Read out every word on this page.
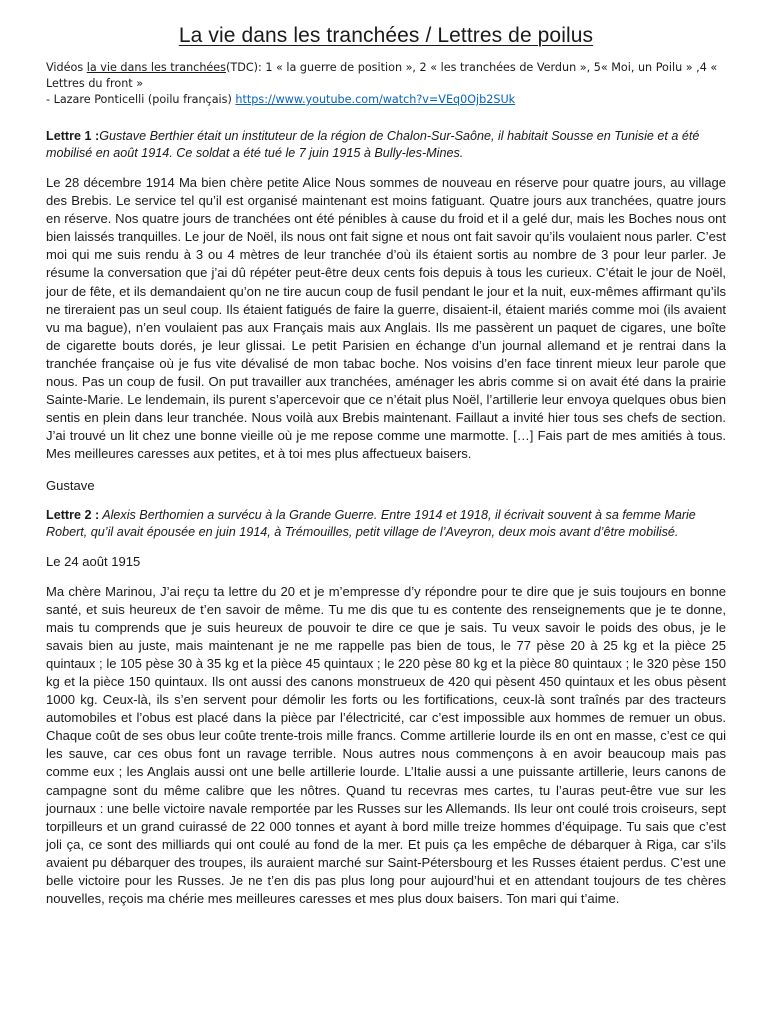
La vie dans les tranchées / Lettres de poilus
Vidéos la vie dans les tranchées(TDC): 1 « la guerre de position », 2 « les tranchées de Verdun », 5« Moi, un Poilu » ,4 « Lettres du front »
- Lazare Ponticelli (poilu français) https://www.youtube.com/watch?v=VEq0Ojb2SUk
Lettre 1 :Gustave Berthier était un instituteur de la région de Chalon-Sur-Saône, il habitait Sousse en Tunisie et a été mobilisé en août 1914. Ce soldat a été tué le 7 juin 1915 à Bully-les-Mines.

Le 28 décembre 1914 Ma bien chère petite Alice Nous sommes de nouveau en réserve pour quatre jours, au village des Brebis. Le service tel qu’il est organisé maintenant est moins fatiguant. Quatre jours aux tranchées, quatre jours en réserve. Nos quatre jours de tranchées ont été pénibles à cause du froid et il a gelé dur, mais les Boches nous ont bien laissés tranquilles. Le jour de Noël, ils nous ont fait signe et nous ont fait savoir qu’ils voulaient nous parler. C’est moi qui me suis rendu à 3 ou 4 mètres de leur tranchée d’où ils étaient sortis au nombre de 3 pour leur parler. Je résume la conversation que j’ai dû répéter peut-être deux cents fois depuis à tous les curieux. C’était le jour de Noël, jour de fête, et ils demandaient qu’on ne tire aucun coup de fusil pendant le jour et la nuit, eux-mêmes affirmant qu’ils ne tireraient pas un seul coup. Ils étaient fatigués de faire la guerre, disaient-il, étaient mariés comme moi (ils avaient vu ma bague), n’en voulaient pas aux Français mais aux Anglais. Ils me passèrent un paquet de cigares, une boîte de cigarette bouts dorés, je leur glissai. Le petit Parisien en échange d’un journal allemand et je rentrai dans la tranchée française où je fus vite dévalisé de mon tabac boche. Nos voisins d’en face tinrent mieux leur parole que nous. Pas un coup de fusil. On put travailler aux tranchées, aménager les abris comme si on avait été dans la prairie Sainte-Marie. Le lendemain, ils purent s’apercevoir que ce n’était plus Noël, l’artillerie leur envoya quelques obus bien sentis en plein dans leur tranchée. Nous voilà aux Brebis maintenant. Faillaut a invité hier tous ses chefs de section. J’ai trouvé un lit chez une bonne vieille où je me repose comme une marmotte. […] Fais part de mes amitiés à tous. Mes meilleures caresses aux petites, et à toi mes plus affectueux baisers.

Gustave

Lettre 2 : Alexis Berthomien a survécu à la Grande Guerre. Entre 1914 et 1918, il écrivait souvent à sa femme Marie Robert, qu’il avait épousée en juin 1914, à Trémouilles, petit village de l’Aveyron, deux mois avant d’être mobilisé.

Le 24 août 1915

Ma chère Marinou, J’ai reçu ta lettre du 20 et je m’empresse d’y répondre pour te dire que je suis toujours en bonne santé, et suis heureux de t’en savoir de même. Tu me dis que tu es contente des renseignements que je te donne, mais tu comprends que je suis heureux de pouvoir te dire ce que je sais. Tu veux savoir le poids des obus, je le savais bien au juste, mais maintenant je ne me rappelle pas bien de tous, le 77 pèse 20 à 25 kg et la pièce 25 quintaux ; le 105 pèse 30 à 35 kg et la pièce 45 quintaux ; le 220 pèse 80 kg et la pièce 80 quintaux ; le 320 pèse 150 kg et la pièce 150 quintaux. Ils ont aussi des canons monstrueux de 420 qui pèsent 450 quintaux et les obus pèsent 1000 kg. Ceux-là, ils s’en servent pour démolir les forts ou les fortifications, ceux-là sont traînés par des tracteurs automobiles et l’obus est placé dans la pièce par l’électricité, car c’est impossible aux hommes de remuer un obus. Chaque coût de ses obus leur coûte trente-trois mille francs. Comme artillerie lourde ils en ont en masse, c’est ce qui les sauve, car ces obus font un ravage terrible. Nous autres nous commençons à en avoir beaucoup mais pas comme eux ; les Anglais aussi ont une belle artillerie lourde. L’Italie aussi a une puissante artillerie, leurs canons de campagne sont du même calibre que les nôtres. Quand tu recevras mes cartes, tu l’auras peut-être vue sur les journaux : une belle victoire navale remportée par les Russes sur les Allemands. Ils leur ont coulé trois croiseurs, sept torpilleurs et un grand cuirassé de 22 000 tonnes et ayant à bord mille treize hommes d’équipage. Tu sais que c’est joli ça, ce sont des milliards qui ont coulé au fond de la mer. Et puis ça les empêche de débarquer à Riga, car s’ils avaient pu débarquer des troupes, ils auraient marché sur Saint-Pétersbourg et les Russes étaient perdus. C’est une belle victoire pour les Russes. Je ne t’en dis pas plus long pour aujourd’hui et en attendant toujours de tes chères nouvelles, reçois ma chérie mes meilleures caresses et mes plus doux baisers. Ton mari qui t’aime.
